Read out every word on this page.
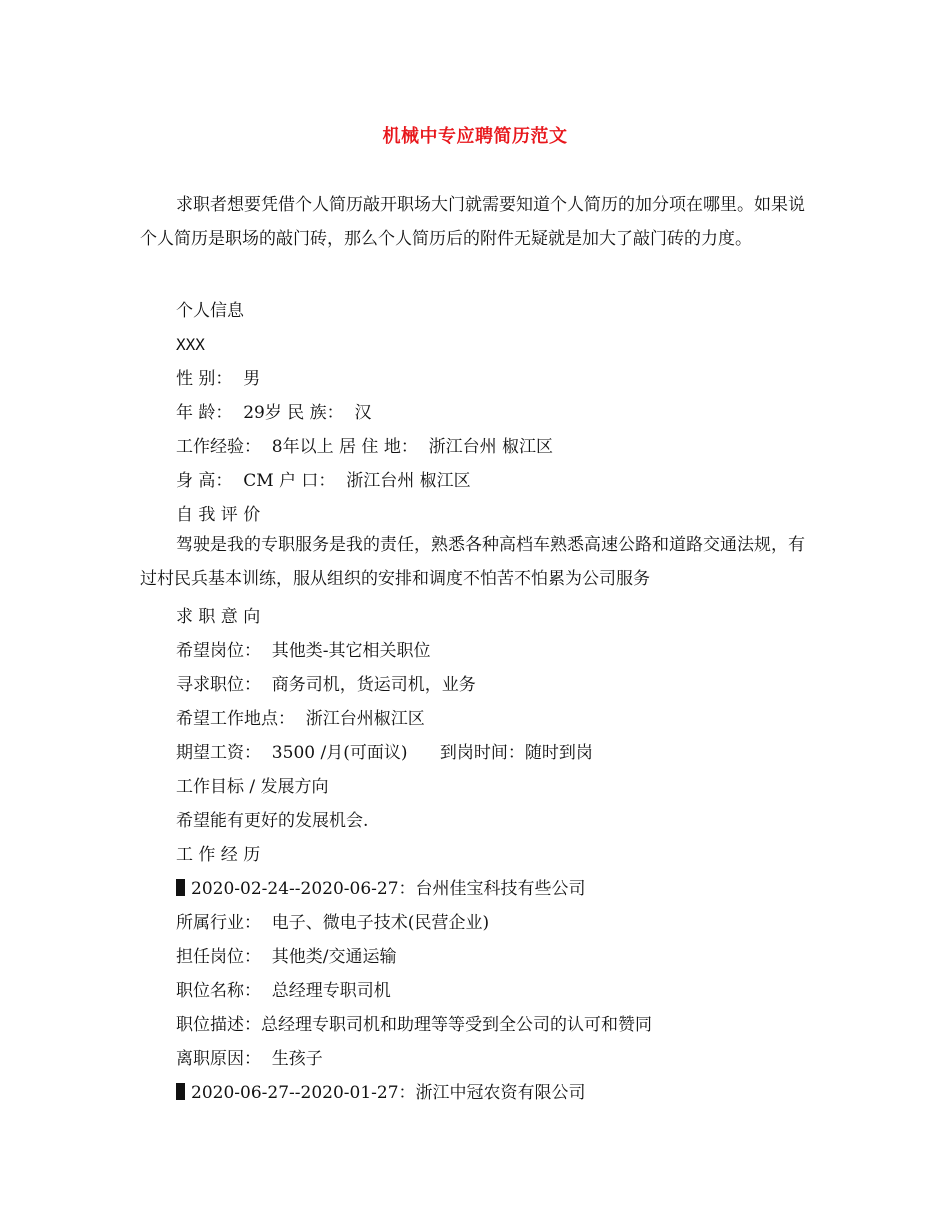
机械中专应聘简历范文

求职者想要凭借个人简历敲开职场大门就需要知道个人简历的加分项在哪里。如果说个人简历是职场的敲门砖，那么个人简历后的附件无疑就是加大了敲门砖的力度。

个人信息
XXX
性 别：  男
年 龄：  29岁 民 族：  汉
工作经验：  8年以上 居 住 地：  浙江台州 椒江区
身 高：  CM 户 口：  浙江台州 椒江区
自 我 评 价

驾驶是我的专职服务是我的责任，熟悉各种高档车熟悉高速公路和道路交通法规，有过村民兵基本训练，服从组织的安排和调度不怕苦不怕累为公司服务

求 职 意 向
希望岗位：  其他类-其它相关职位
寻求职位：  商务司机，货运司机，业务
希望工作地点：  浙江台州椒江区
期望工资：  3500 /月(可面议)      到岗时间：随时到岗
工作目标 / 发展方向
希望能有更好的发展机会.
工 作 经 历
2020-02-24--2020-06-27：台州佳宝科技有些公司
所属行业：  电子、微电子技术(民营企业)
担任岗位：  其他类/交通运输
职位名称：  总经理专职司机
职位描述：总经理专职司机和助理等等受到全公司的认可和赞同
离职原因：  生孩子
2020-06-27--2020-01-27：浙江中冠农资有限公司
